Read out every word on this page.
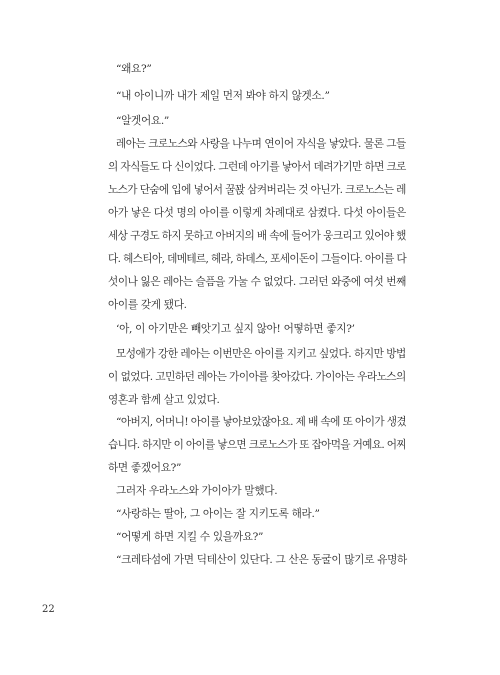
“왜요?”

“내 아이니까 내가 제일 먼저 봐야 하지 않겟소.”

“알겟어요.”

레아는 크로노스와 사랑을 나누며 연이어 자식을 낳았다. 물론 그들
의 자식들도 다 신이었다. 그런데 아기를 낳아서 데려가기만 하면 크로
노스가 단숨에 입에 넣어서 꿀꽍 삼켜버리는 것 아닌가. 크로노스는 레
아가 낳은 다섯 명의 아이를 이렇게 차례대로 삼켰다. 다섯 아이들은
세상 구경도 하지 못하고 아버지의 배 속에 들어가 웅크리고 있어야 했
다. 헤스티아, 데메테르, 헤라, 하데스, 포세이돈이 그들이다. 아이를 다
섯이나 잃은 레아는 슬픔을 가눌 수 없었다. 그러던 와중에 여섯 번째
아이를 갖게 됐다.

‘아, 이 아기만은 빼앗기고 싶지 않아! 어떻하면 좋지?’

모성애가 강한 레아는 이번만은 아이를 지키고 싶었다. 하지만 방법
이 없었다. 고민하던 레아는 가이아를 찾아갔다. 가이아는 우라노스의
영혼과 함께 살고 있었다.

“아버지, 어머니! 아이를 낳아보았잖아요. 제 배 속에 또 아이가 생겼
습니다. 하지만 이 아이를 낳으면 크로노스가 또 잡아먹을 거예요. 어찌
하면 좋겠어요?”

그러자 우라노스와 가이아가 말했다.

“사랑하는 딸아, 그 아이는 잘 지키도록 해라.”

“어떻게 하면 지킬 수 있을까요?”

“크레타섬에 가면 딕테산이 있단다. 그 산은 동굴이 많기로 유명하

22
